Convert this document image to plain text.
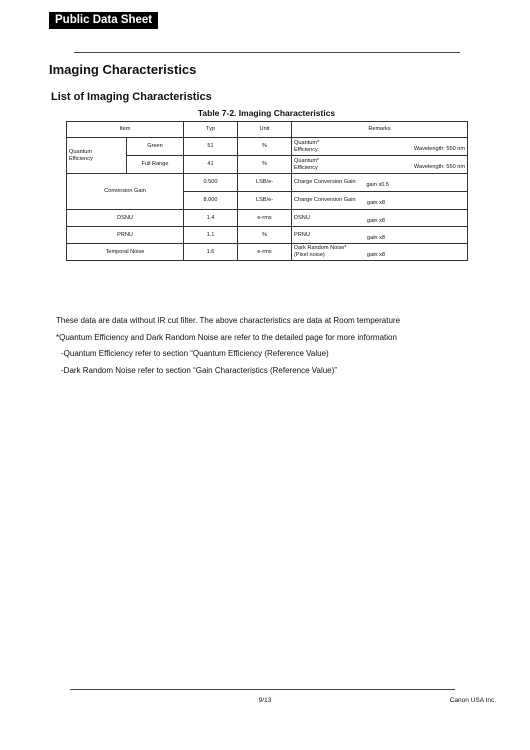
Public Data Sheet
Imaging Characteristics
List of Imaging Characteristics
Table 7-2. Imaging Characteristics
Item		Typ	Unit	Remarks

Quantum Efficiency	Green	51	%	Quantum*
Efficiency Wavelength: 550 nm

	Full Range	41	%	Quantum*
Efficiency Wavelength: 550 nm

Conversion Gain		0.500	LSB/e-	Charge Conversion Gain gain x0.5

		8.000	LSB/e-	Charge Conversion Gain gain x8

DSNU		1.4	e-rms	DSNU
gain x8

PRNU		1.1	%	PRNU
gain x8

Temporal Noise		1.6	e-rms	Dark Random Noise*
(Pixel noise) gain x8

These data are data without IR cut filter. The above characteristics are data at Room temperature

*Quantum Efficiency and Dark Random Noise are refer to the detailed page for more information

-Quantum Efficiency refer to section “Quantum Efficiency (Reference Value)

-Dark Random Noise refer to section “Gain Characteristics (Reference Value)”

9/13	Canon USA Inc.
